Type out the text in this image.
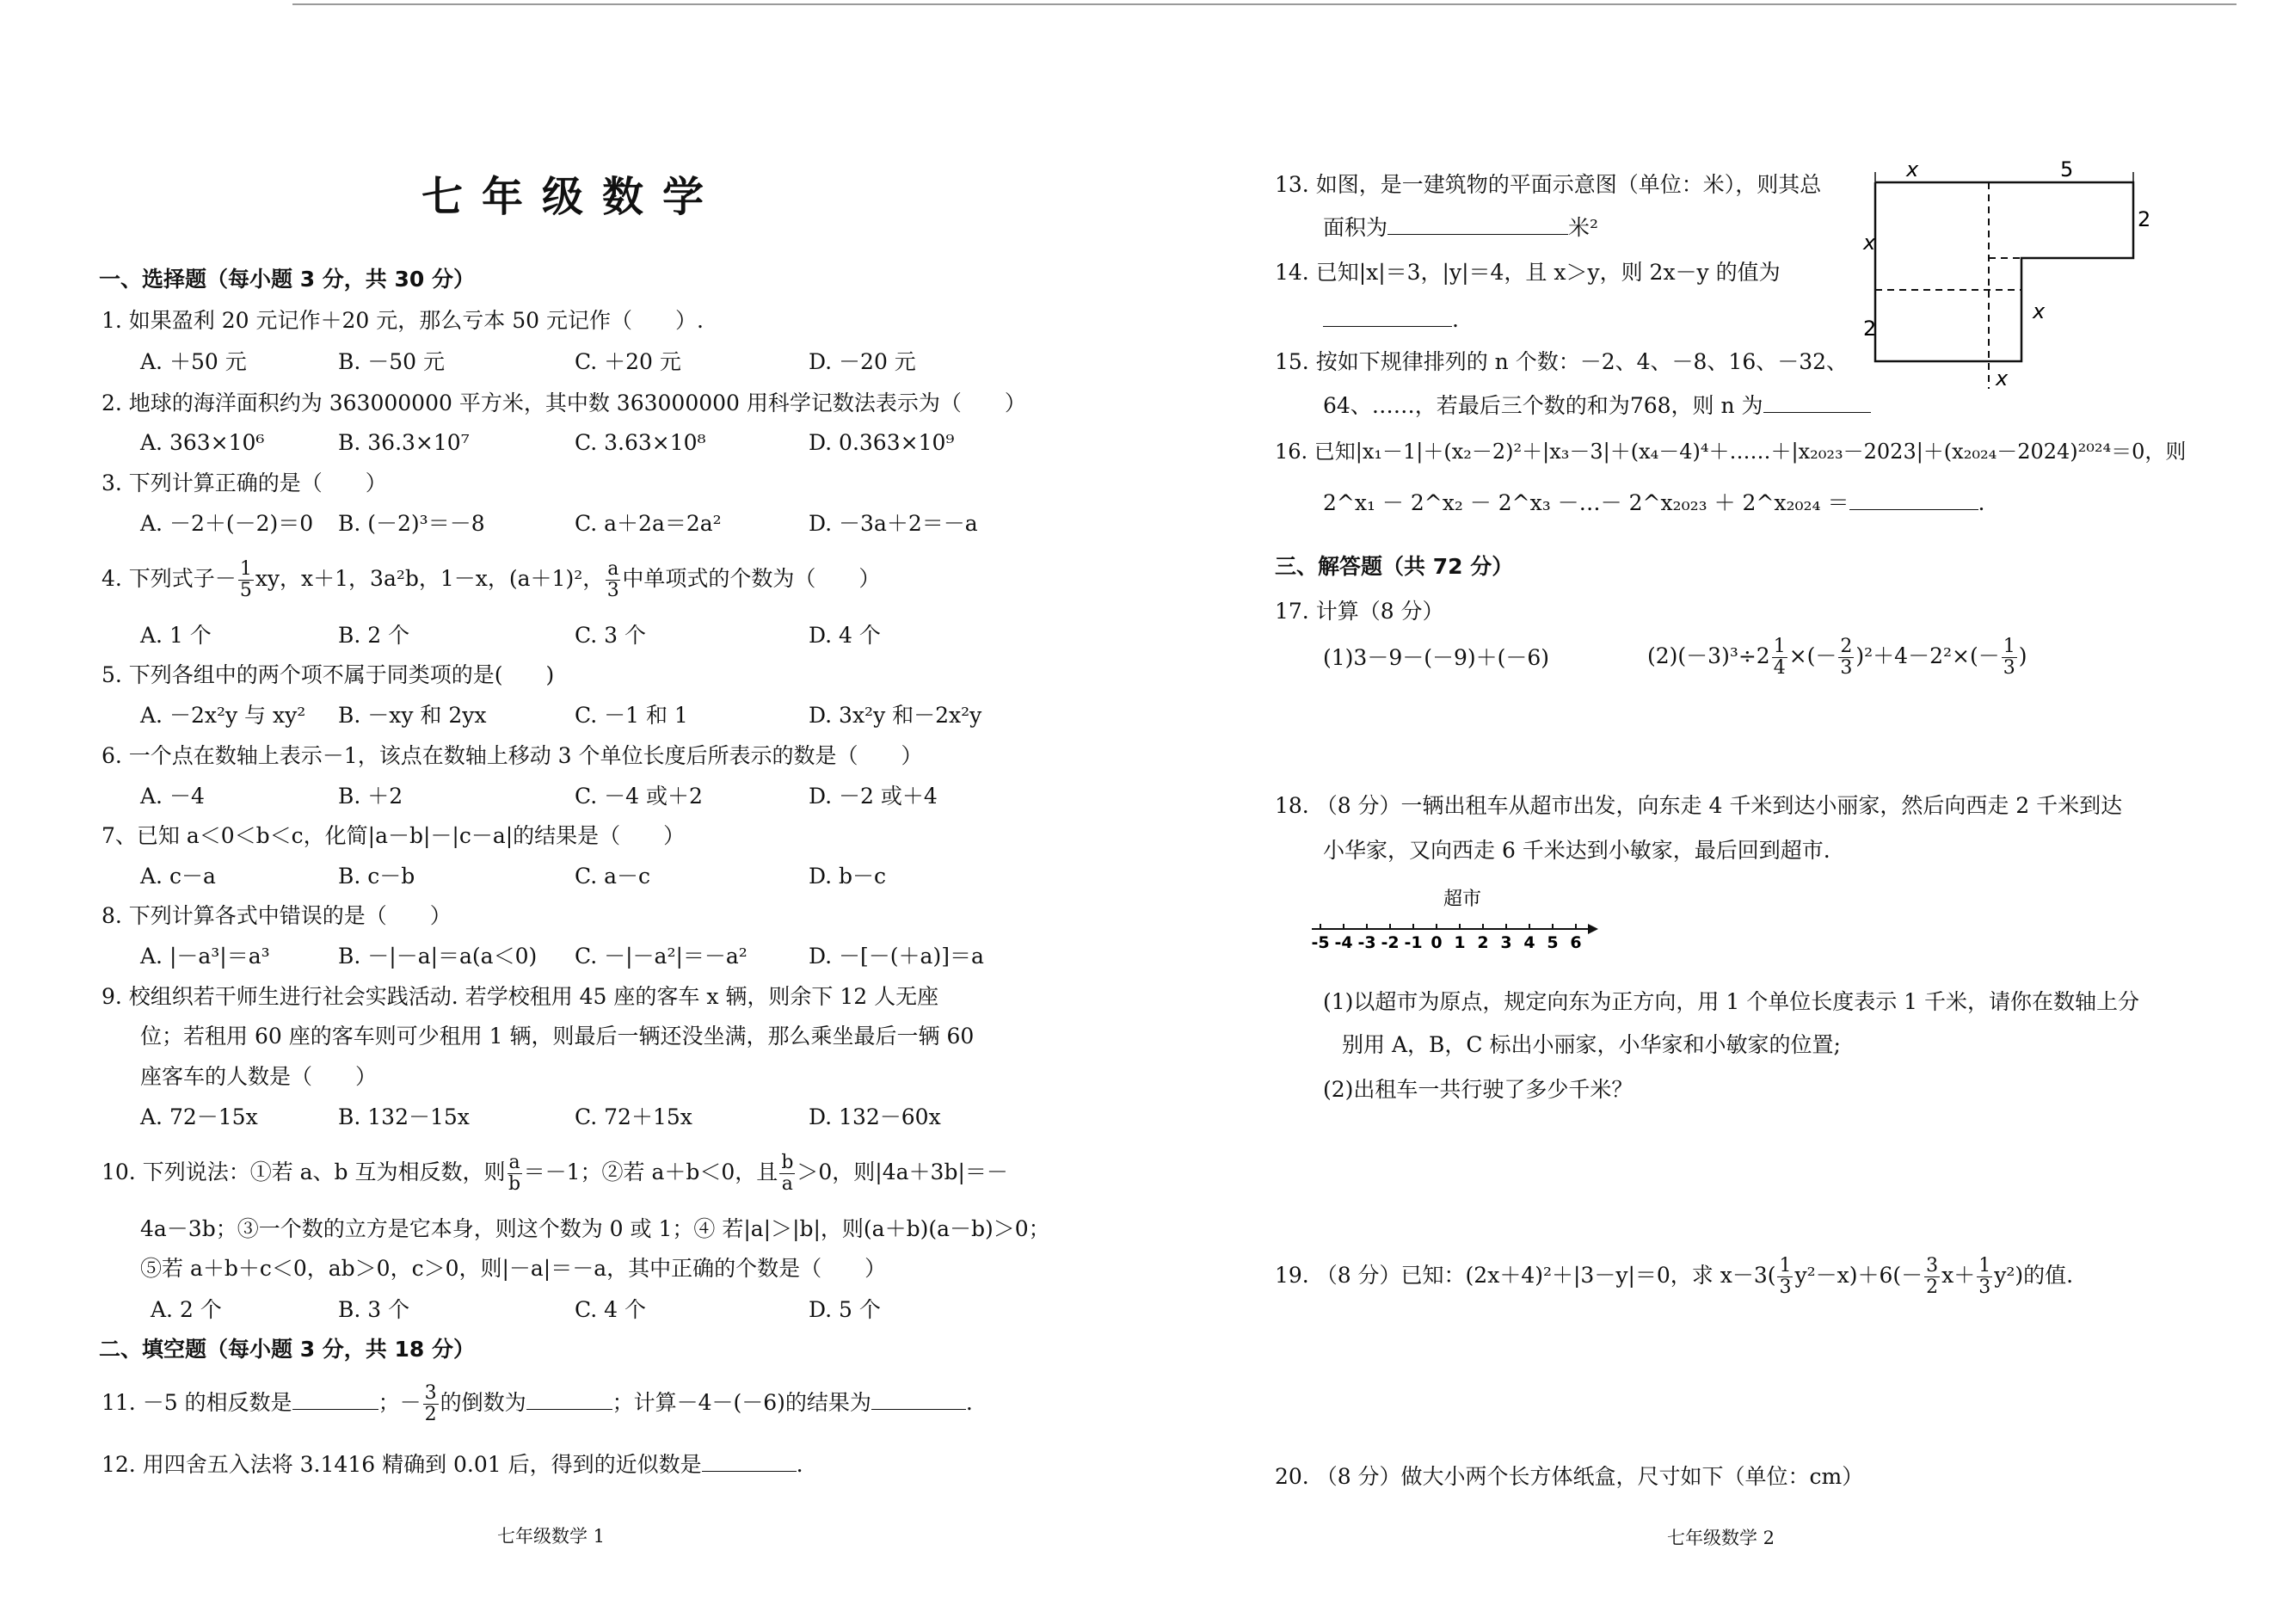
七年级数学
一、选择题（每小题 3 分，共 30 分）
1. 如果盈利 20 元记作＋20 元，那么亏本 50 元记作（　　）.
A. ＋50 元	B. －50 元	C. ＋20 元	D. －20 元
2. 地球的海洋面积约为 363000000 平方米，其中数 363000000 用科学记数法表示为（　　）
A. 363×10⁶	B. 36.3×10⁷	C. 3.63×10⁸	D. 0.363×10⁹
3. 下列计算正确的是（　　）
A. －2＋(－2)＝0 B. (－2)³＝－8	C. a＋2a＝2a²	D. －3a＋2＝－a
4. 下列式子－ $\frac{1}{5}$ xy，x＋1，3a²b，1－x，(a＋1)²， $\frac{a}{3}$ 中单项式的个数为（　　）
A. 1 个	B. 2 个	C. 3 个	D. 4 个
5. 下列各组中的两个项不属于同类项的是(　　)
A. －2x²y 与 xy² B. －xy 和 2yx	C. －1 和 1	D. 3x²y 和－2x²y
6. 一个点在数轴上表示－1，该点在数轴上移动 3 个单位长度后所表示的数是（　　）
A. －4	B. ＋2	C. －4 或＋2	D. －2 或＋4
7、已知 a＜0＜b＜c，化简|a－b|－|c－a|的结果是（　　）
A. c－a	B. c－b	C. a－c	D. b－c
8. 下列计算各式中错误的是（　　）
A. |－a³|＝a³	B. －|－a|＝a(a＜0) C. －|－a²|＝－a²	D. －[－(＋a)]＝a
9. 校组织若干师生进行社会实践活动. 若学校租用 45 座的客车 x 辆，则余下 12 人无座
位；若租用 60 座的客车则可少租用 1 辆，则最后一辆还没坐满，那么乘坐最后一辆 60
座客车的人数是（　　）
A. 72－15x	B. 132－15x	C. 72＋15x	D. 132－60x
10. 下列说法：①若 a、b 互为相反数，则 $\frac{a}{b} =-1$；②若 a＋b＜0，且 $\frac{b}{a} >0$，则|4a＋3b|＝－
4a－3b；③一个数的立方是它本身，则这个数为 0 或 1；④ 若|a|＞|b|，则(a＋b)(a－b)＞0；
⑤若 a＋b＋c＜0，ab＞0，c＞0，则|－a|＝－a，其中正确的个数是（　　）
A. 2 个	B. 3 个	C. 4 个	D. 5 个
二、填空题（每小题 3 分，共 18 分）
11. －5 的相反数是	；－ $\frac{3}{2}$ 的倒数为	；计算－4－(－6)的结果为	.
12. 用四舍五入法将 3.1416 精确到 0.01 后，得到的近似数是	.
七年级数学 1
13. 如图，是一建筑物的平面示意图（单位：米），则其总
面积为	米²
x	5
2
x
2
x
x
14. 已知|x|＝3，|y|＝4，且 x＞y，则 2x－y 的值为
.
15. 按如下规律排列的 n 个数：－2、4、－8、16、－32、
64、……，若最后三个数的和为768，则 n 为
16. 已知|x₁－1|＋(x₂－2)²＋|x₃－3|＋(x₄－4)⁴＋……＋|x₂₀₂₃－2023|＋(x₂₀₂₄－2024)²⁰²⁴＝0，则
2^x₁ － 2^x₂ － 2^x₃ －…－ 2^x₂₀₂₃ ＋ 2^x₂₀₂₄ ＝	.
三、解答题（共 72 分）
17. 计算（8 分）
(1)3－9－(－9)＋(－6)	$(2)(-3)^3\div 2 \frac{1}{4}$ ×(－ $\frac{2}{3} )^2+4-2^2\times(- \frac{1}{3}$ )
18. （8 分）一辆出租车从超市出发，向东走 4 千米到达小丽家，然后向西走 2 千米到达
小华家，又向西走 6 千米达到小敏家，最后回到超市.
超市
-5 -4 -3 -2 -1 0 1 2 3 4 5 6
(1)以超市为原点，规定向东为正方向，用 1 个单位长度表示 1 千米，请你在数轴上分
别用 A，B，C 标出小丽家，小华家和小敏家的位置;
(2)出租车一共行驶了多少千米？
19. （8 分）已知：(2x＋4)²＋|3－y|＝0，求 $x-3( \frac{1}{3} y^2-x)+6(- \frac{3}{2} x+ \frac{1}{3} y^2)$的值.
20. （8 分）做大小两个长方体纸盒，尺寸如下（单位：cm）
七年级数学 2
